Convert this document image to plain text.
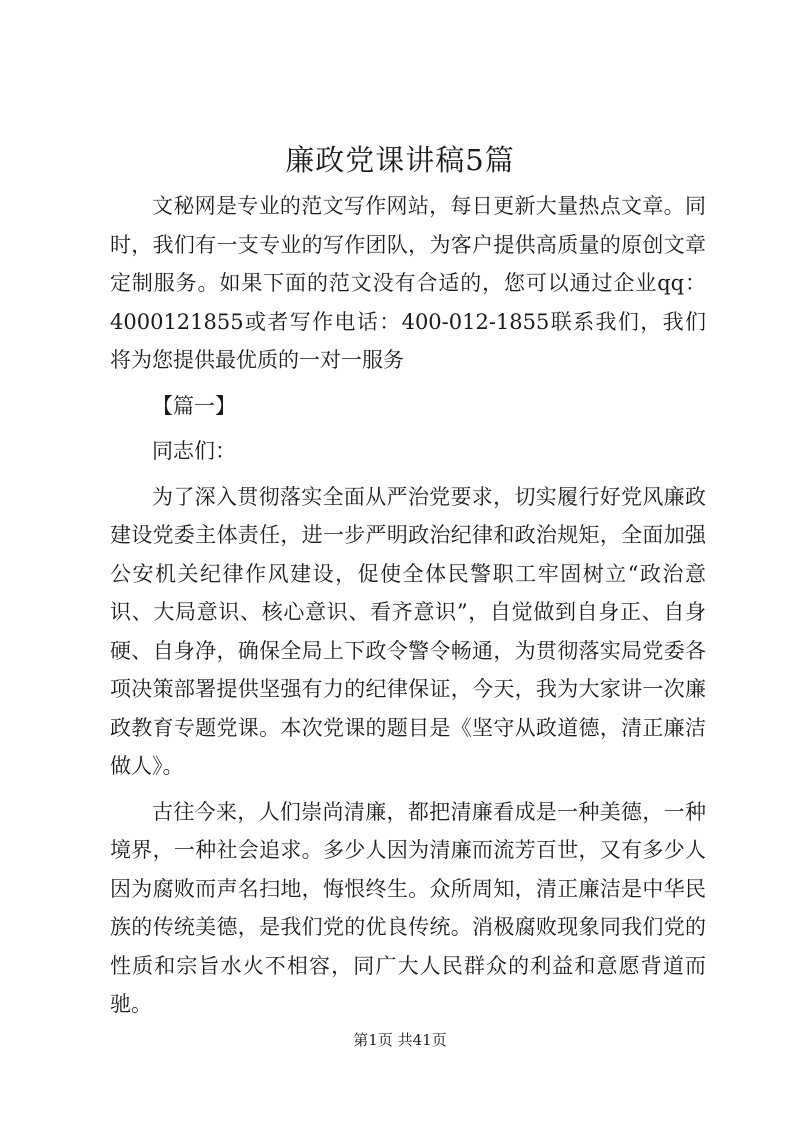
廉政党课讲稿5篇

文秘网是专业的范文写作网站，每日更新大量热点文章。同时，我们有一支专业的写作团队，为客户提供高质量的原创文章定制服务。如果下面的范文没有合适的，您可以通过企业qq：4000121855或者写作电话：400-012-1855联系我们，我们将为您提供最优质的一对一服务

【篇一】

同志们：

为了深入贯彻落实全面从严治党要求，切实履行好党风廉政建设党委主体责任，进一步严明政治纪律和政治规矩，全面加强公安机关纪律作风建设，促使全体民警职工牢固树立“政治意识、大局意识、核心意识、看齐意识”，自觉做到自身正、自身硬、自身净，确保全局上下政令警令畅通，为贯彻落实局党委各项决策部署提供坚强有力的纪律保证，今天，我为大家讲一次廉政教育专题党课。本次党课的题目是《坚守从政道德，清正廉洁做人》。

古往今来，人们崇尚清廉，都把清廉看成是一种美德，一种境界，一种社会追求。多少人因为清廉而流芳百世，又有多少人因为腐败而声名扫地，悔恨终生。众所周知，清正廉洁是中华民族的传统美德，是我们党的优良传统。消极腐败现象同我们党的性质和宗旨水火不相容，同广大人民群众的利益和意愿背道而驰。

第1页 共41页
